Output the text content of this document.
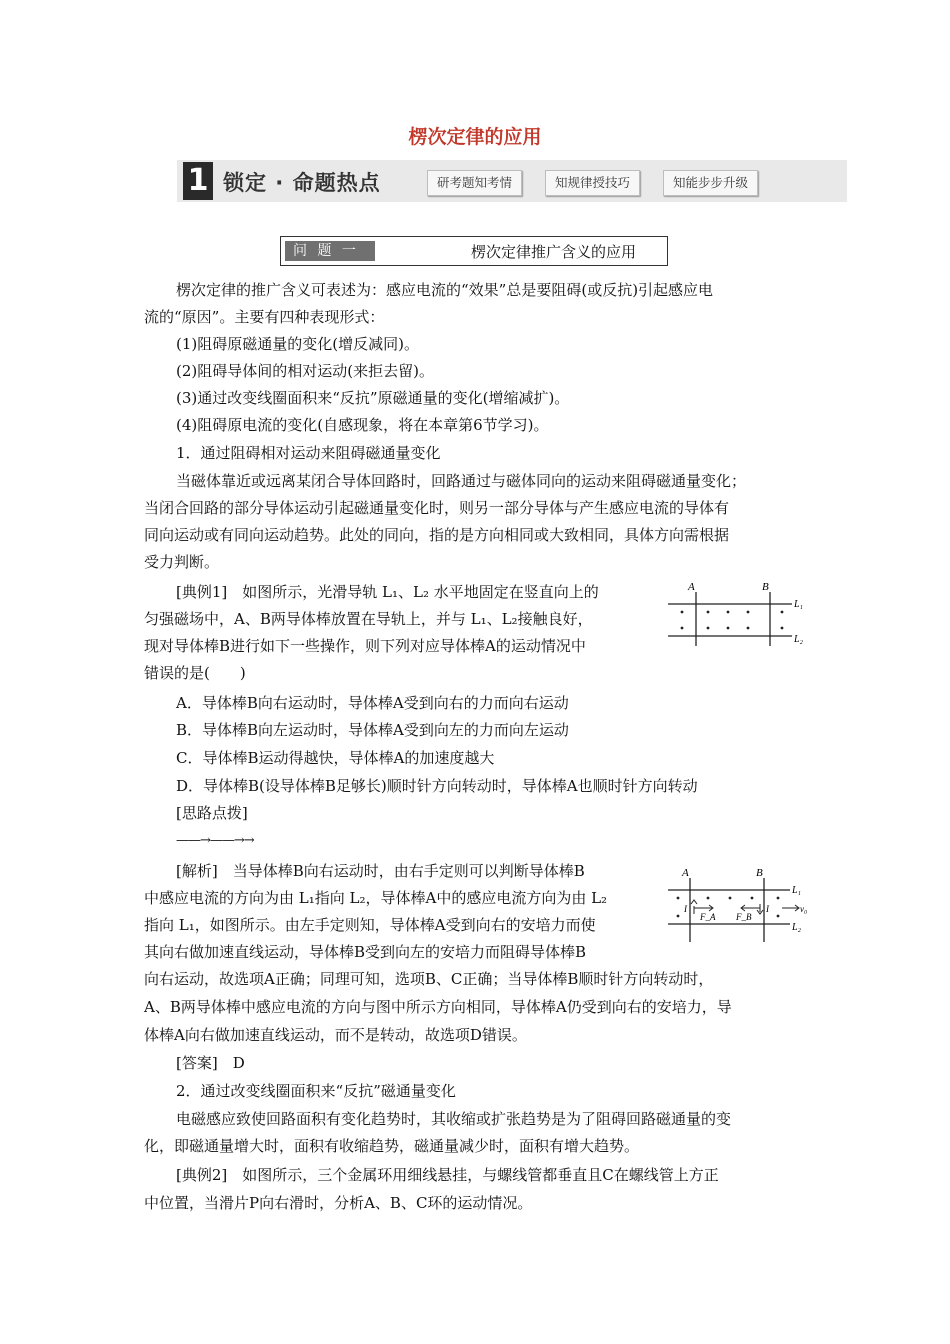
楞次定律的应用
1 锁定 · 命题热点	研考题知考情	知规律授技巧	知能步步升级
问 题 一	楞次定律推广含义的应用
楞次定律的推广含义可表述为：感应电流的“效果”总是要阻碍(或反抗)引起感应电
流的“原因”。主要有四种表现形式：
(1)阻碍原磁通量的变化(增反减同)。
(2)阻碍导体间的相对运动(来拒去留)。
(3)通过改变线圈面积来“反抗”原磁通量的变化(增缩减扩)。
(4)阻碍原电流的变化(自感现象，将在本章第6节学习)。
1．通过阻碍相对运动来阻碍磁通量变化
当磁体靠近或远离某闭合导体回路时，回路通过与磁体同向的运动来阻碍磁通量变化；
当闭合回路的部分导体运动引起磁通量变化时，则另一部分导体与产生感应电流的导体有
同向运动或有同向运动趋势。此处的同向，指的是方向相同或大致相同，具体方向需根据
受力判断。
[典例1]　如图所示，光滑导轨 L₁、L₂ 水平地固定在竖直向上的
匀强磁场中，A、B两导体棒放置在导轨上，并与 L₁、L₂接触良好，
现对导体棒B进行如下一些操作，则下列对应导体棒A的运动情况中
错误的是(　　)
A．导体棒B向右运动时，导体棒A受到向右的力而向右运动
B．导体棒B向左运动时，导体棒A受到向左的力而向左运动
C．导体棒B运动得越快，导体棒A的加速度越大
D．导体棒B(设导体棒B足够长)顺时针方向转动时，导体棒A也顺时针方向转动
[思路点拨]
——→——→→
[解析]　当导体棒B向右运动时，由右手定则可以判断导体棒B
中感应电流的方向为由 L₁指向 L₂，导体棒A中的感应电流方向为由 L₂
指向 L₁，如图所示。由左手定则知，导体棒A受到向右的安培力而使
其向右做加速直线运动，导体棒B受到向左的安培力而阻碍导体棒B
向右运动，故选项A正确；同理可知，选项B、C正确；当导体棒B顺时针方向转动时，
A、B两导体棒中感应电流的方向与图中所示方向相同，导体棒A仍受到向右的安培力，导
体棒A向右做加速直线运动，而不是转动，故选项D错误。
[答案]　D
2．通过改变线圈面积来“反抗”磁通量变化
电磁感应致使回路面积有变化趋势时，其收缩或扩张趋势是为了阻碍回路磁通量的变
化，即磁通量增大时，面积有收缩趋势，磁通量减少时，面积有增大趋势。
[典例2]　如图所示，三个金属环用细线悬挂，与螺线管都垂直且C在螺线管上方正
中位置，当滑片P向右滑时，分析A、B、C环的运动情况。
A	B
L₁
L₂
A	B
L₁
L₂
I	I
F_A F_B
v₀
